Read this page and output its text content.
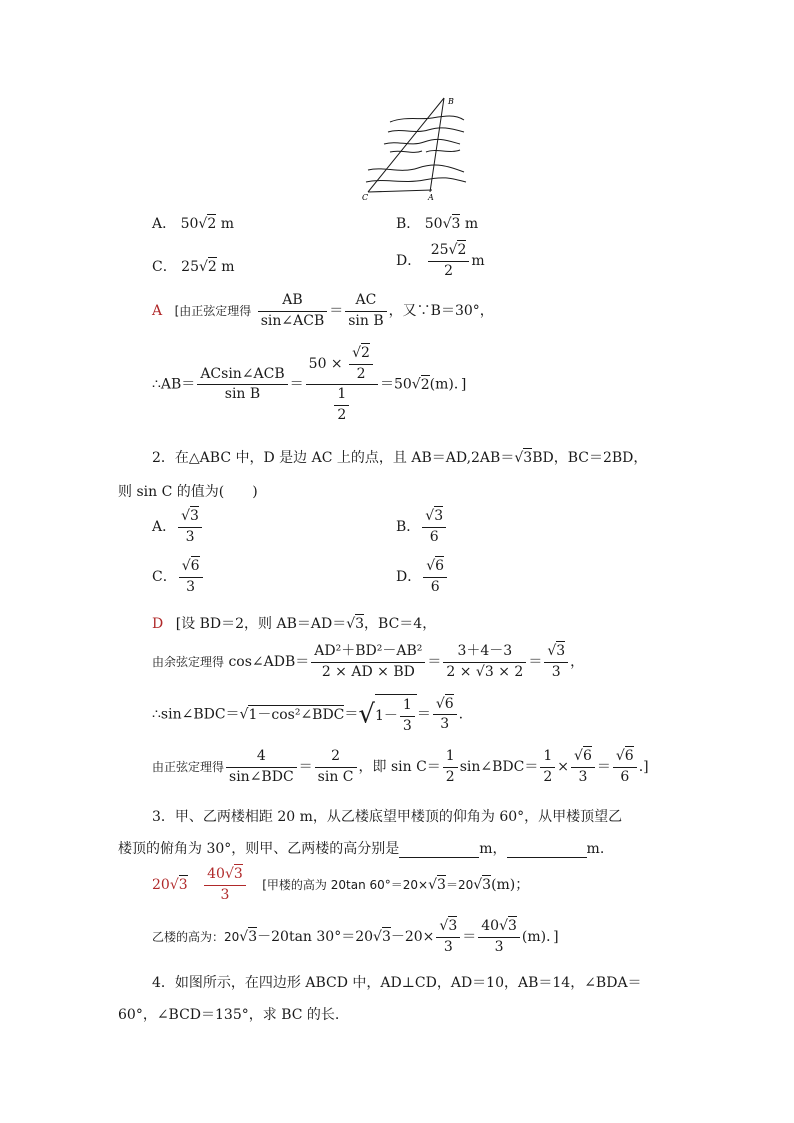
B
C	A
A． 50√2 m	B． 50√3 m
C． 25√2 m	D． $\frac{25√2}{2}$ m
A [由正弦定理得 $\frac{AB}{\text{sin∠ACB}} = \frac{AC}{\text{sin B}}$ ，又∵B＝30°，
∴AB＝ $\frac{\text{ACsin∠ACB}}{\text{sin B}} = \frac{50 \times \frac{√2}{2}}{\frac{1}{2}} =50√2(m)$．]
2．在△ABC 中，D 是边 AC 上的点，且 AB＝AD,2AB＝√3BD，BC＝2BD，
则 sin C 的值为(　　)
A． $\frac{√3}{3}$	B． $\frac{√3}{6}$
C． $\frac{√6}{3}$	D． $\frac{√6}{6}$
D [设 BD＝2，则 AB＝AD＝√3，BC＝4，
由余弦定理得 cos∠ADB＝ $\frac{\text{AD²＋BD²－AB²}}{2 \times AD \times BD} = \frac{3+4-3}{2 \times √3 \times 2} = \frac{√3}{3}$ ，
∴sin∠BDC＝√1－cos²∠BDC＝√1－ $\frac{1}{3} = \frac{√6}{3}$ .
由正弦定理得 $\frac{4}{\text{sin∠BDC}} = \frac{2}{\text{sin C}}$ ，即 $\sin C= \frac{1}{2}$ sin∠BDC＝ $\frac{1}{2} \times \frac{√6}{3} = \frac{√6}{6}$ .]
3．甲、乙两楼相距 20 m，从乙楼底望甲楼顶的仰角为 60°，从甲楼顶望乙
楼顶的俯角为 30°，则甲、乙两楼的高分别是	m，	m.
$20√3 \frac{40√3}{3}$ [甲楼的高为 20tan 60°＝20×√3＝20√3(m)；
乙楼的高为：20√3－20tan $30^\circ=20√3-20\times \frac{√3}{3} = \frac{40√3}{3} (m)$．]
4．如图所示，在四边形 ABCD 中，AD⊥CD，AD＝10，AB＝14，∠BDA＝
60°，∠BCD＝135°，求 BC 的长.
